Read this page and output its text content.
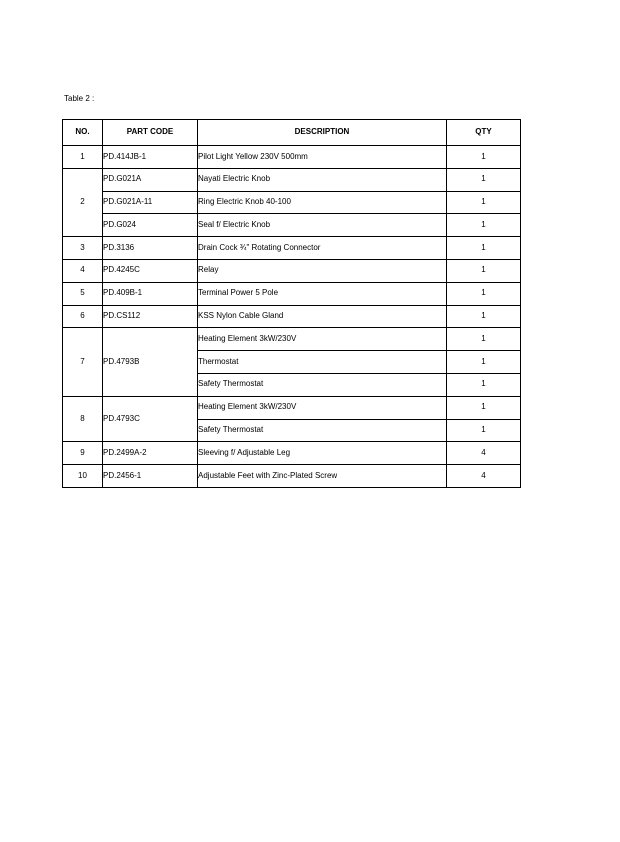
Table 2 :
NO.	PART CODE	DESCRIPTION	QTY
1	PD.414JB-1	Pilot Light Yellow 230V 500mm	1
2	PD.G021A	Nayati Electric Knob	1
	PD.G021A-11	Ring Electric Knob 40-100	1
	PD.G024	Seal f/ Electric Knob	1
3	PD.3136	Drain Cock ¾" Rotating Connector	1
4	PD.4245C	Relay	1
5	PD.409B-1	Terminal Power 5 Pole	1
6	PD.CS112	KSS Nylon Cable Gland	1
7	PD.4793B	Heating Element 3kW/230V	1
		Thermostat	1
		Safety Thermostat	1
8	PD.4793C	Heating Element 3kW/230V	1
		Safety Thermostat	1
9	PD.2499A-2	Sleeving f/ Adjustable Leg	4
10	PD.2456-1	Adjustable Feet with Zinc-Plated Screw	4
